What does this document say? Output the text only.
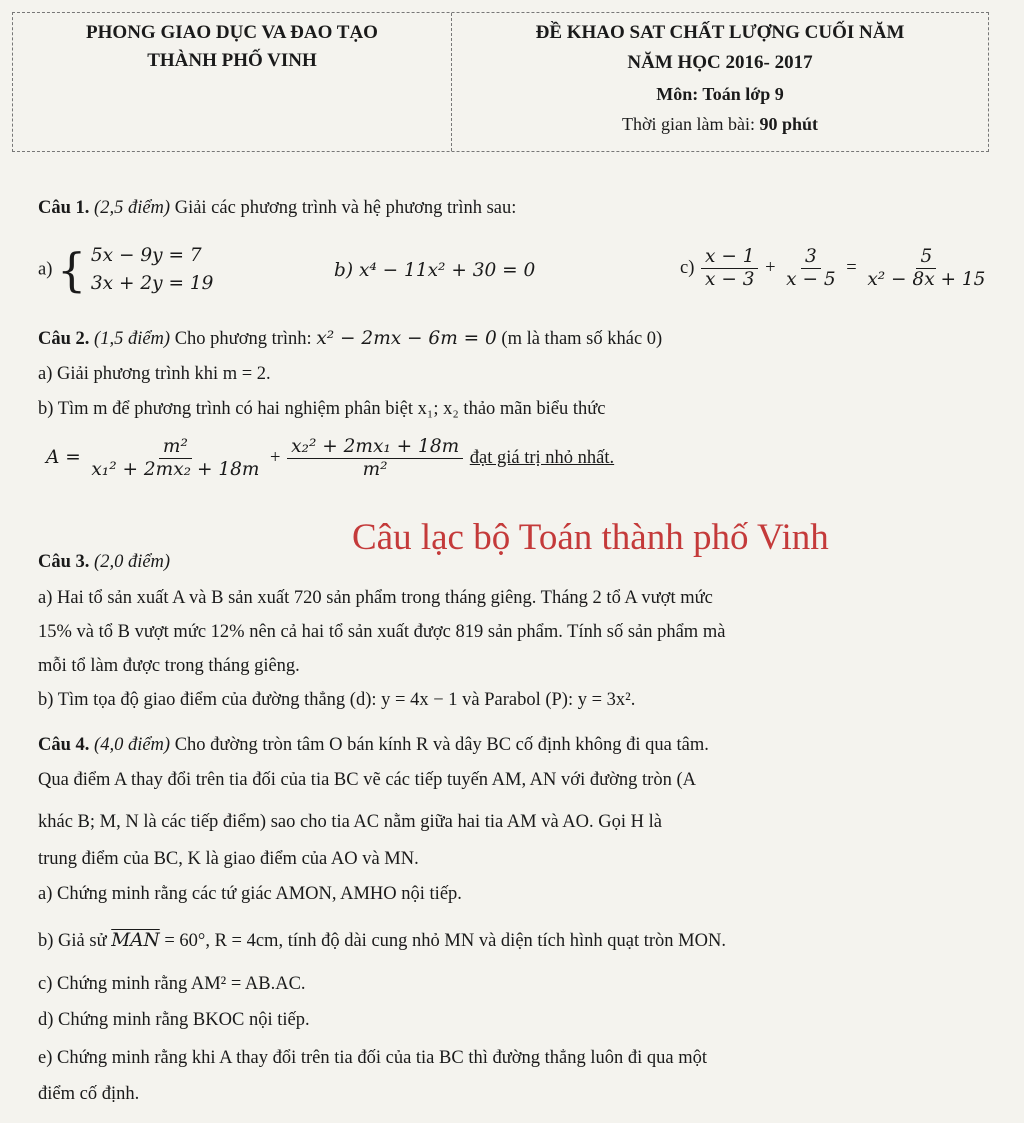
PHONG GIAO DỤC VA ĐAO TẠO
THÀNH PHỐ VINH
ĐỀ KHAO SAT CHẤT LƯỢNG CUỐI NĂM
NĂM HỌC 2016- 2017
Môn: Toán lớp 9
Thời gian làm bài: 90 phút
Câu 1. (2,5 điểm) Giải các phương trình và hệ phương trình sau:
a) { 5x − 9y = 7
3x + 2y = 19
b) x⁴ − 11x² + 30 = 0	$c) \frac{x - 1}{x - 3} + \frac{3}{x - 5} = \frac{5}{\text{x² − 8x + 15}}$
Câu 2. (1,5 điểm) Cho phương trình: x² − 2mx − 6m = 0 (m là tham số khác 0)
a) Giải phương trình khi m = 2.
b) Tìm m để phương trình có hai nghiệm phân biệt x₁; x₂ thảo mãn biểu thức
$A = \frac{\text{m²}}{\text{x₁² + 2mx₂ + 18m}} + \frac{\text{x₂² + 2mx₁ + 18m}}{\text{m²}}$ đạt giá trị nhỏ nhất.
Câu 3. (2,0 điểm)
a) Hai tổ sản xuất A và B sản xuất 720 sản phẩm trong tháng giêng. Tháng 2 tổ A vượt mức
15% và tổ B vượt mức 12% nên cả hai tổ sản xuất được 819 sản phẩm. Tính số sản phẩm mà
mỗi tổ làm được trong tháng giêng.
b) Tìm tọa độ giao điểm của đường thẳng (d): y = 4x − 1 và Parabol (P): y = 3x².
Câu 4. (4,0 điểm) Cho đường tròn tâm O bán kính R và dây BC cố định không đi qua tâm.
Qua điểm A thay đổi trên tia đối của tia BC vẽ các tiếp tuyến AM, AN với đường tròn (A
khác B; M, N là các tiếp điểm) sao cho tia AC nằm giữa hai tia AM và AO. Gọi H là
trung điểm của BC, K là giao điểm của AO và MN.
a) Chứng minh rằng các tứ giác AMON, AMHO nội tiếp.
b) Giả sử $\overline{MAN} = 60^\circ$, R = 4cm, tính độ dài cung nhỏ MN và diện tích hình quạt tròn MON.
c) Chứng minh rằng AM² = AB.AC.
d) Chứng minh rằng BKOC nội tiếp.
e) Chứng minh rằng khi A thay đổi trên tia đối của tia BC thì đường thẳng luôn đi qua một
điểm cố định.
Câu lạc bộ Toán thành phố Vinh
